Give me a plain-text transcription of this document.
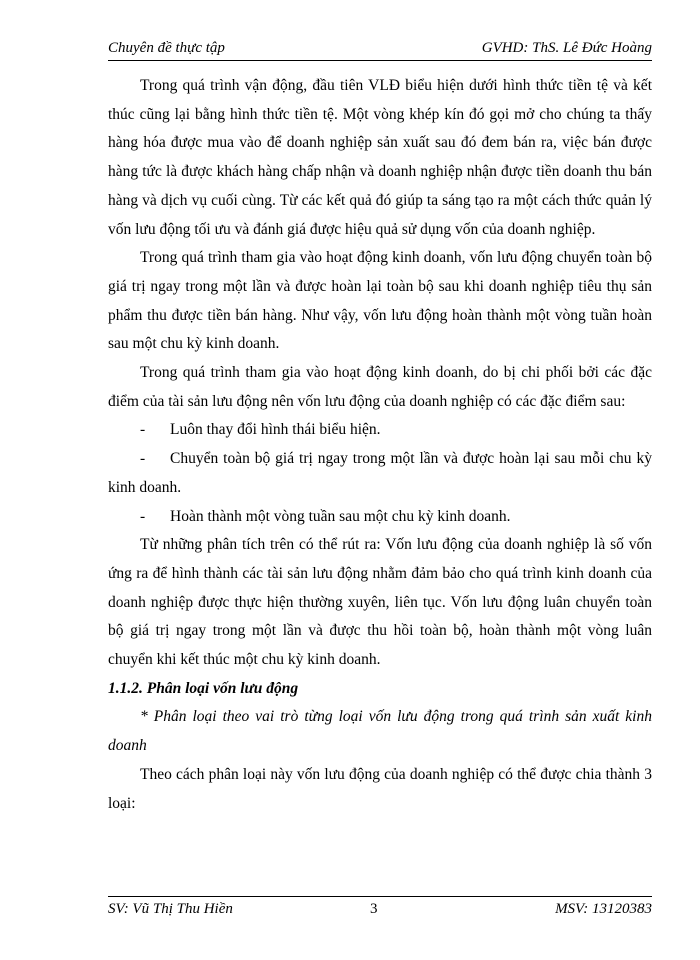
Chuyên đề thực tập	GVHD: ThS. Lê Đức Hoàng

Trong quá trình vận động, đầu tiên VLĐ biểu hiện dưới hình thức tiền tệ và kết thúc cũng lại bằng hình thức tiền tệ. Một vòng khép kín đó gọi mở cho chúng ta thấy hàng hóa được mua vào để doanh nghiệp sản xuất sau đó đem bán ra, việc bán được hàng tức là được khách hàng chấp nhận và doanh nghiệp nhận được tiền doanh thu bán hàng và dịch vụ cuối cùng. Từ các kết quả đó giúp ta sáng tạo ra một cách thức quản lý vốn lưu động tối ưu và đánh giá được hiệu quả sử dụng vốn của doanh nghiệp.

Trong quá trình tham gia vào hoạt động kinh doanh, vốn lưu động chuyển toàn bộ giá trị ngay trong một lần và được hoàn lại toàn bộ sau khi doanh nghiệp tiêu thụ sản phẩm thu được tiền bán hàng. Như vậy, vốn lưu động hoàn thành một vòng tuần hoàn sau một chu kỳ kinh doanh.

Trong quá trình tham gia vào hoạt động kinh doanh, do bị chi phối bởi các đặc điểm của tài sản lưu động nên vốn lưu động của doanh nghiệp có các đặc điểm sau:

- Luôn thay đổi hình thái biểu hiện.

- Chuyển toàn bộ giá trị ngay trong một lần và được hoàn lại sau mỗi chu kỳ kinh doanh.

- Hoàn thành một vòng tuần sau một chu kỳ kinh doanh.

Từ những phân tích trên có thể rút ra: Vốn lưu động của doanh nghiệp là số vốn ứng ra để hình thành các tài sản lưu động nhằm đảm bảo cho quá trình kinh doanh của doanh nghiệp được thực hiện thường xuyên, liên tục. Vốn lưu động luân chuyển toàn bộ giá trị ngay trong một lần và được thu hồi toàn bộ, hoàn thành một vòng luân chuyển khi kết thúc một chu kỳ kinh doanh.

1.1.2. Phân loại vốn lưu động

* Phân loại theo vai trò từng loại vốn lưu động trong quá trình sản xuất kinh doanh

Theo cách phân loại này vốn lưu động của doanh nghiệp có thể được chia thành 3 loại:

SV: Vũ Thị Thu Hiền	3	MSV: 13120383
